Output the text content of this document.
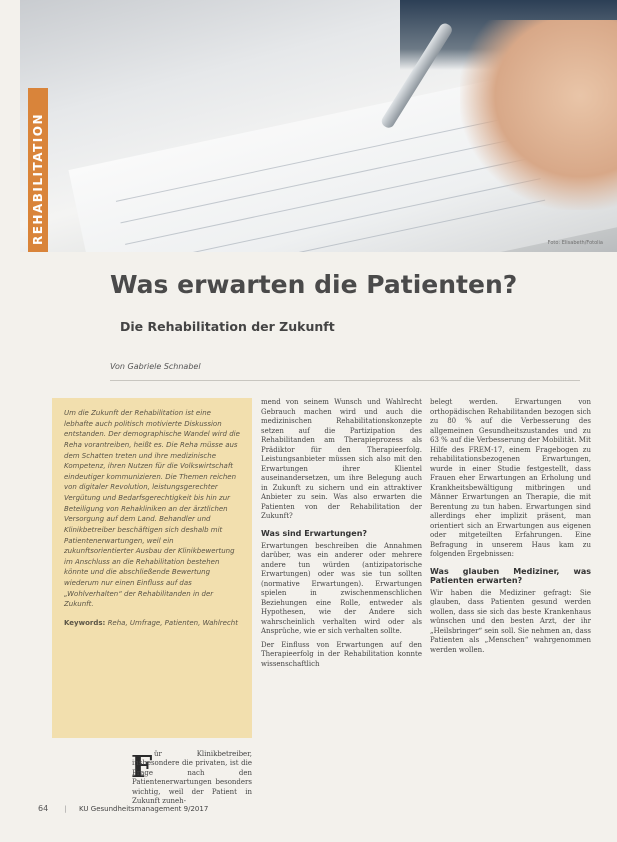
Foto: Elisabeth/Fotolia
REHABILITATION
Was erwarten die Patienten?
Die Rehabilitation der Zukunft
Von Gabriele Schnabel

Um die Zukunft der Rehabilitation ist eine lebhafte auch politisch motivierte Diskussion entstanden. Der demographische Wandel wird die Reha vorantreiben, heißt es. Die Reha müsse aus dem Schatten treten und ihre medizinische Kompetenz, ihren Nutzen für die Volkswirtschaft eindeutiger kommunizieren. Die Themen reichen von digitaler Revolution, leistungsgerechter Vergütung und Bedarfsgerechtigkeit bis hin zur Beteiligung von Rehakliniken an der ärztlichen Versorgung auf dem Land. Behandler und Klinikbetreiber beschäftigen sich deshalb mit Patientenerwartungen, weil ein zukunftsorientierter Ausbau der Klinikbewertung im Anschluss an die Rehabilitation bestehen könnte und die abschließende Bewertung wiederum nur einen Einfluss auf das „Wohlverhalten“ der Rehabilitanden in der Zukunft.

Keywords: Reha, Umfrage, Patienten, Wahlrecht
F ür Klinikbetreiber, insbesondere die privaten, ist die Frage nach den Patientenerwartungen besonders wichtig, weil der Patient in Zukunft zuneh-

mend von seinem Wunsch und Wahlrecht Gebrauch machen wird und auch die medizinischen Rehabilitationskonzepte setzen auf die Partizipation des Rehabilitanden am Therapieprozess als Prädiktor für den Therapieerfolg. Leistungsanbieter müssen sich also mit den Erwartungen ihrer Klientel auseinandersetzen, um ihre Belegung auch in Zukunft zu sichern und ein attraktiver Anbieter zu sein. Was also erwarten die Patienten von der Rehabilitation der Zukunft?

Was sind Erwartungen?

Erwartungen beschreiben die Annahmen darüber, was ein anderer oder mehrere andere tun würden (antizipatorische Erwartungen) oder was sie tun sollten (normative Erwartungen). Erwartungen spielen in zwischenmenschlichen Beziehungen eine Rolle, entweder als Hypothesen, wie der Andere sich wahrscheinlich verhalten wird oder als Ansprüche, wie er sich verhalten sollte.

Der Einfluss von Erwartungen auf den Therapieerfolg in der Rehabilitation konnte wissenschaftlich

belegt werden. Erwartungen von orthopädischen Rehabilitanden bezogen sich zu 80 % auf die Verbesserung des allgemeinen Gesundheitszustandes und zu 63 % auf die Verbesserung der Mobilität. Mit Hilfe des FREM-17, einem Fragebogen zu rehabilitationsbezogenen Erwartungen, wurde in einer Studie festgestellt, dass Frauen eher Erwartungen an Erholung und Krankheitsbewältigung mitbringen und Männer Erwartungen an Therapie, die mit Berentung zu tun haben. Erwartungen sind allerdings eher implizit präsent, man orientiert sich an Erwartungen aus eigenen oder mitgeteilten Erfahrungen. Eine Befragung in unserem Haus kam zu folgenden Ergebnissen:

Was glauben Mediziner, was Patienten erwarten?

Wir haben die Mediziner gefragt: Sie glauben, dass Patienten gesund werden wollen, dass sie sich das beste Krankenhaus wünschen und den besten Arzt, der ihr „Heilsbringer“ sein soll. Sie nehmen an, dass Patienten als „Menschen“ wahrgenommen werden wollen.

64 | KU Gesundheitsmanagement 9/2017
